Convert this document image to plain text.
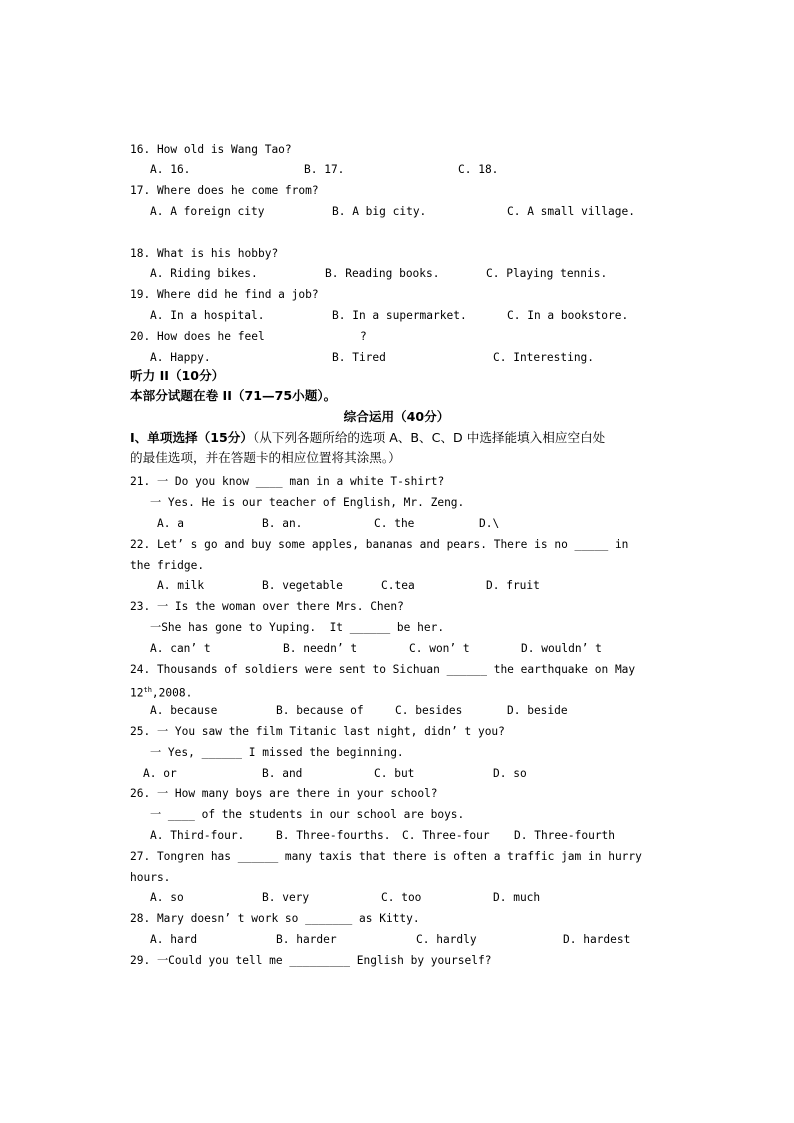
16. How old is Wang Tao?
A. 16.	B. 17.	C. 18.
17. Where does he come from?
A. A foreign city	B. A big city.	C. A small village.
18. What is his hobby?
A. Riding bikes.	B. Reading books.	C. Playing tennis.
19. Where did he find a job?
A. In a hospital.	B. In a supermarket.	C. In a bookstore.
20. How does he feel	?
A. Happy.	B. Tired	C. Interesting.
听力 II（10分）
本部分试题在卷 II（71—75小题）。
综合运用（40分）
I、单项选择（15分）（从下列各题所给的选项 A、B、C、D 中选择能填入相应空白处
的最佳选项，并在答题卡的相应位置将其涂黑。）
21. 一 Do you know ____ man in a white T-shirt?
一 Yes. He is our teacher of English, Mr. Zeng.
A. a	B. an.	C. the	D.\
22. Let’ s go and buy some apples, bananas and pears. There is no _____ in
the fridge.
A. milk	B. vegetable	C.tea	D. fruit
23. 一 Is the woman over there Mrs. Chen?
一She has gone to Yuping.  It ______ be her.
A. can’ t	B. needn’ t	C. won’ t	D. wouldn’ t
24. Thousands of soldiers were sent to Sichuan ______ the earthquake on May
12th,2008.
A. because	B. because of	C. besides	D. beside
25. 一 You saw the film Titanic last night, didn’ t you?
一 Yes, ______ I missed the beginning.
A. or	B. and	C. but	D. so
26. 一 How many boys are there in your school?
一 ____ of the students in our school are boys.
A. Third-four.	B. Three-fourths. C. Three-four D. Three-fourth
27. Tongren has ______ many taxis that there is often a traffic jam in hurry
hours.
A. so	B. very	C. too	D. much
28. Mary doesn’ t work so _______ as Kitty.
A. hard	B. harder	C. hardly	D. hardest
29. 一Could you tell me _________ English by yourself?
